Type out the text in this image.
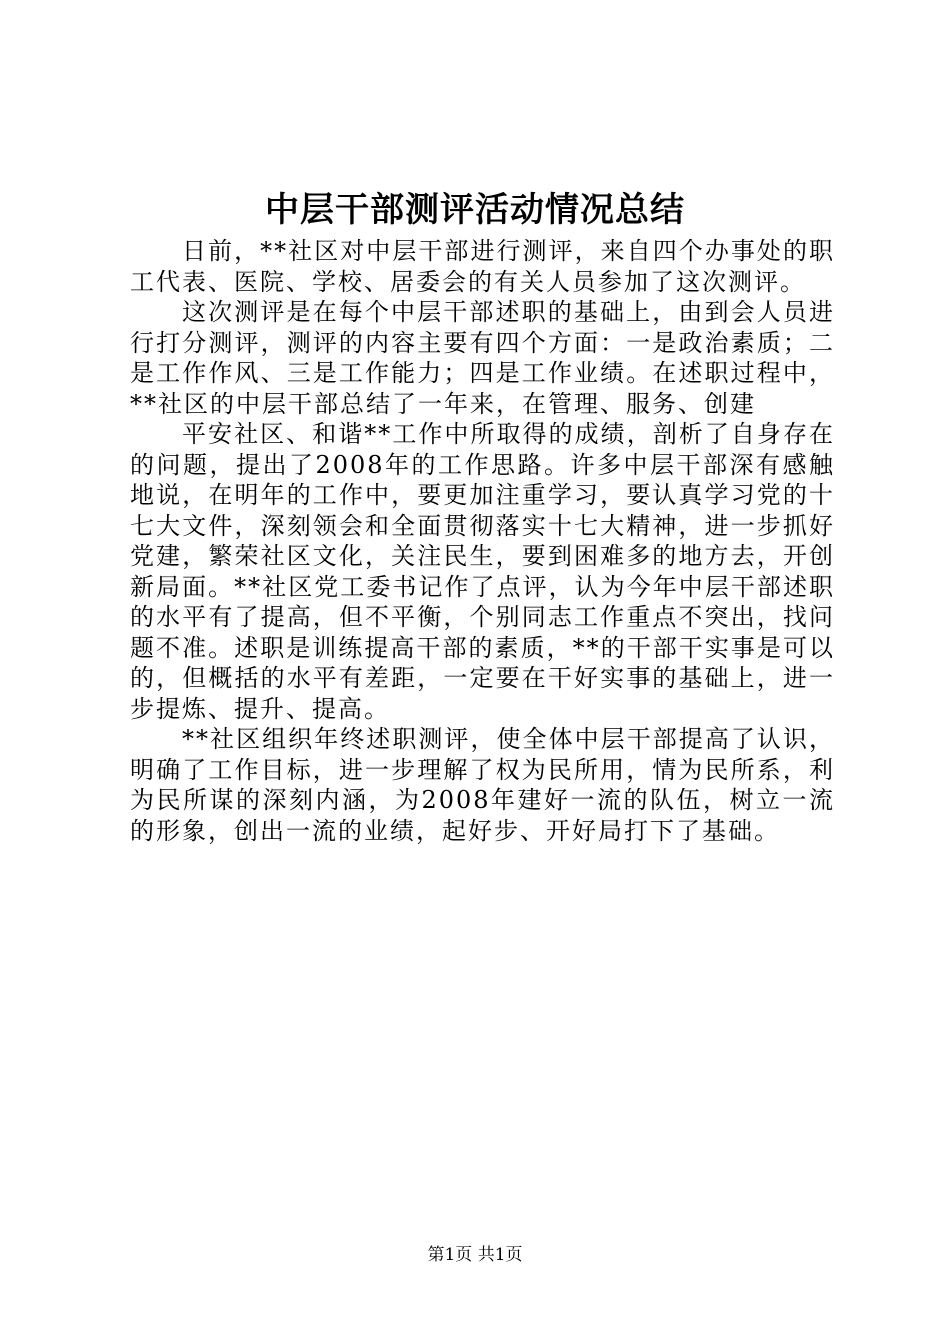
中层干部测评活动情况总结

日前，**社区对中层干部进行测评，来自四个办事处的职工代表、医院、学校、居委会的有关人员参加了这次测评。

这次测评是在每个中层干部述职的基础上，由到会人员进行打分测评，测评的内容主要有四个方面：一是政治素质；二是工作作风、三是工作能力；四是工作业绩。在述职过程中，**社区的中层干部总结了一年来，在管理、服务、创建

平安社区、和谐**工作中所取得的成绩，剖析了自身存在的问题，提出了2008年的工作思路。许多中层干部深有感触地说，在明年的工作中，要更加注重学习，要认真学习党的十七大文件，深刻领会和全面贯彻落实十七大精神，进一步抓好党建，繁荣社区文化，关注民生，要到困难多的地方去，开创新局面。**社区党工委书记作了点评，认为今年中层干部述职的水平有了提高，但不平衡，个别同志工作重点不突出，找问题不准。述职是训练提高干部的素质，**的干部干实事是可以的，但概括的水平有差距，一定要在干好实事的基础上，进一步提炼、提升、提高。

**社区组织年终述职测评，使全体中层干部提高了认识，明确了工作目标，进一步理解了权为民所用，情为民所系，利为民所谋的深刻内涵，为2008年建好一流的队伍，树立一流的形象，创出一流的业绩，起好步、开好局打下了基础。

第1页 共1页
